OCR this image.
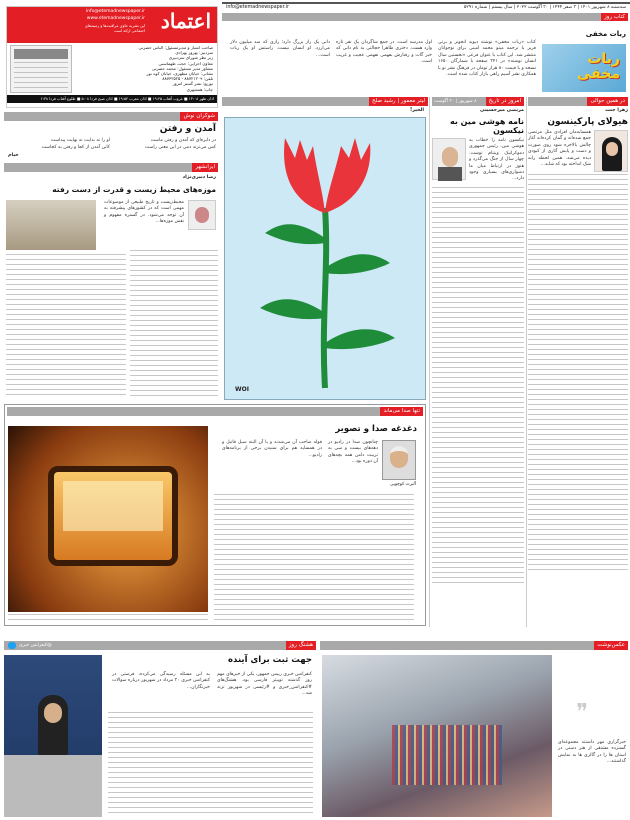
اعتماد
info@etemadnewspaper.ir
www.etemadnewspaper.ir
این نشریه حاوی مراقبت‌ها و زمینه‌های اجتماعی ارائه است
صاحب امتیاز و مدیرمسئول: الیاس حضرتی
سردبیر: بهروز بهزادی
زیر نظر شورای سردبیری
معاون اجرایی: حجت طهماسبی
مشاور مدیر مسئول: محمد حضرتی
نشانی: خیابان مطهری، خیابان کوه نور
تلفن: ۸۸۷۲۱۲۰۹ - ۸۸۷۳۲۵۲۵
توزیع: نشر گستر امروز
چاپ: همشهری
اذان ظهر ۱۳:۰۸ ■ غروب آفتاب ۱۹:۴۵ ■ اذان مغرب ۱۹:۵۴ ■ اذان صبح فردا ۵:۰۸ ■ طلوع آفتاب فردا ۶:۳۸
سه‌شنبه ۸ شهریور ۱۴۰۱ | ۳ صفر ۱۴۴۴ | ۳۰ آگوست ۲۰۲۲ | سال بیستم | شماره ۵۲۹۱
info@etemadnewspaper.ir
کتاب روز
ربات مخفی
ربات مخفی
کتاب «ربات مخفی» نوشته دیوید انجونز و برتی فریز با ترجمه مینو محمد امینی برای نوجوانان منتشر شد. این کتاب با عنوان فرعی «نخستین سال انسان نوشته» در ۲۴۱ صفحه با شمارگان ۱۶۵۰ نسخه و با قیمت ۸۰ هزار تومان در فرهنگ نشر نو با همکاری نشر آسیم راهی بازار کتاب شده است.
اول مدرسه است. در جمع شاگردان یک نفر تازه وارد هست. دختری ظاهرا خجالتی به نام دانی که خبر گات و رفتارش بفهمی نفهمی عجیب و غریب است.
دانی یک راز بزرگ دارد؛ رازی که صد میلیون دلار می‌ارزد. او انسان نیست. راستش او یک ربات است...
در همین حوالی
امروز در تاریخ
۸ شهریور | ۳۰ آگوست
لیتر معمور | رشید صلح
شوکران نوش
زهرا جنت
هیولای پارکینسون
همسایه‌مان افرادی مثل مرتضی جمع شده‌اند و گمان کرده‌اند آغاز چالش بالاخره شود روی صورت و دست و پایش آثاری از کبودی دیده می‌شد. همین لحظه رابه شک انداخته بود که شاید...
مرتضی میرحسینی
نامه هوشی مین به نیکسون
نیکسون نامه را خطاب به هوشی مین، رئیس جمهوری دموکراتیک ویتنام نوشت. چهار سال از جنگ می‌گذرد و هنوز در ارتباط میان ما دشواری‌های بسیاری وجود دارد...
الخیر!
WOI
آمدن و رفتن
در دایره‌ای که آمدن و رفتن ماست
کس می‌نزند دمی در این معنی راست
او را نه بدایت نه نهایت پیداست
کاین آمدن از کجا و رفتن به کجاست
خیام
ایرانشهر
رضا دبیری‌نژاد
موزه‌های محیط زیست و قدرت از دست رفته
محیط‌زیست و تاریخ طبیعی از موضوعات مهمی است که در کشورهای پیشرفته به آن توجه می‌شود. در گستره مفهوم و نقش موزه‌ها...
تنها صدا می‌ماند
دغدغه صدا و تصویر
آلبرت کوچویی
چنانچون صدا در رادیو در دهه‌های بیست و سی به تربیت دامن همه بچه‌های آن دوره بود...
قوله صاحب آن می‌شدند و یا آن البته سیل قاتیل و در همسایه هم برای شنیدن برخی از برنامه‌های رادیو...
عکس‌نوشت
❞
خبرگزاری مهر داشتند مجموعه‌ای گسترده مشتقی از هنر دستی در استان ها را در گالری ها به نمایش گذاشتند...
هشتگ روز
@کنفرانس خبری
جهت ثبت برای آینده
کنفرانس خبری رییس جمهور، یکی از خبرهای مهم روز گذشته توییتر فارسی بود. هشتگ‌های #کنفرانس_خبری و #رئیسی در شهریور ترند شد...
به این مسئله رسیدگی می‌کرده، فرصتی در کنفرانس خبری ۲۰ مرداد در شهریور درباره سوالات خبرنگاران...
